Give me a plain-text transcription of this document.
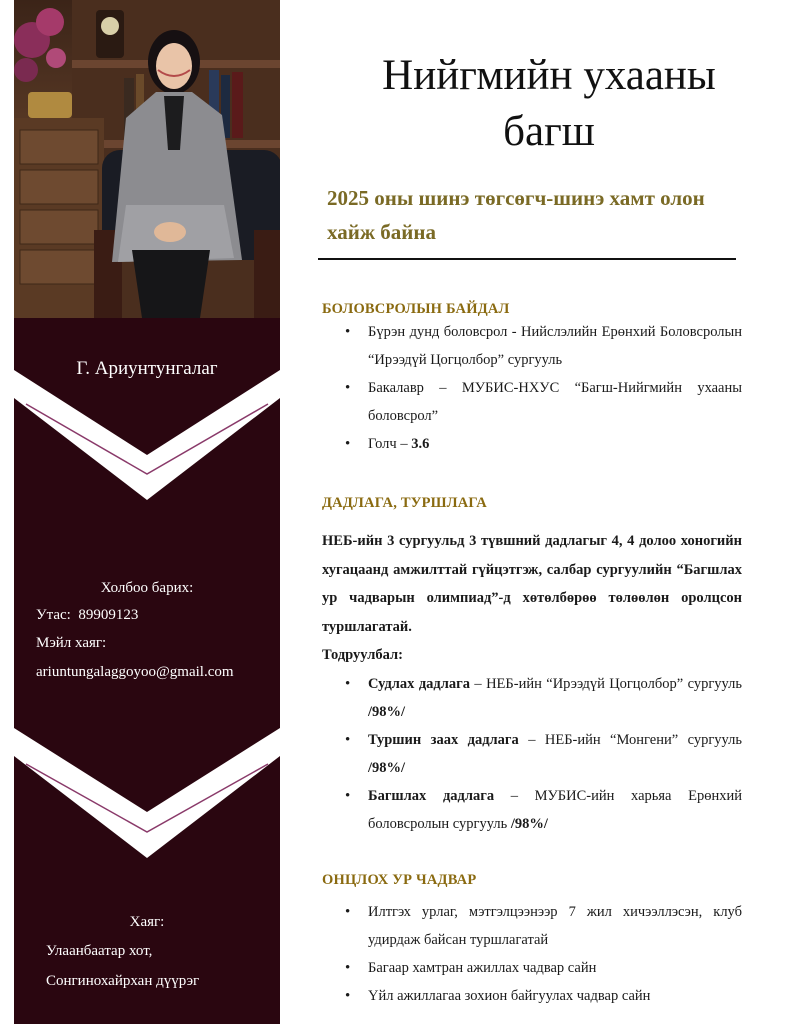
Г. Ариунтунгалаг
Холбоо барих:
Утас: 89909123
Мэйл хаяг:
ariuntungalaggoyoo@gmail.com
Хаяг:
Улаанбаатар хот,
Сонгинохайрхан дүүрэг
Нийгмийн ухааны
багш
2025 оны шинэ төгсөгч-шинэ хамт олон
хайж байна
БОЛОВСРОЛЫН БАЙДАЛ
• Бүрэн дунд боловсрол - Нийслэлийн Ерөнхий Боловсролын “Ирээдүй Цогцолбор” сургууль
• Бакалавр – МУБИС-НХУС “Багш-Нийгмийн ухааны боловсрол”
• Голч – 3.6
ДАДЛАГА, ТУРШЛАГА
НЕБ-ийн 3 сургуульд 3 түвшний дадлагыг 4, 4 долоо хоногийн хугацаанд амжилттай гүйцэтгэж, салбар сургуулийн “Багшлах ур чадварын олимпиад”-д хөтөлбөрөө төлөөлөн оролцсон туршлагатай.
Тодруулбал:
• Судлах дадлага – НЕБ-ийн “Ирээдүй Цогцолбор” сургууль /98%/
• Туршин заах дадлага – НЕБ-ийн “Монгени” сургууль /98%/
• Багшлах дадлага – МУБИС-ийн харьяа Ерөнхий боловсролын сургууль /98%/
ОНЦЛОХ УР ЧАДВАР
• Илтгэх урлаг, мэтгэлцээнээр 7 жил хичээллэсэн, клуб удирдаж байсан туршлагатай
• Багаар хамтран ажиллах чадвар сайн
• Үйл ажиллагаа зохион байгуулах чадвар сайн
